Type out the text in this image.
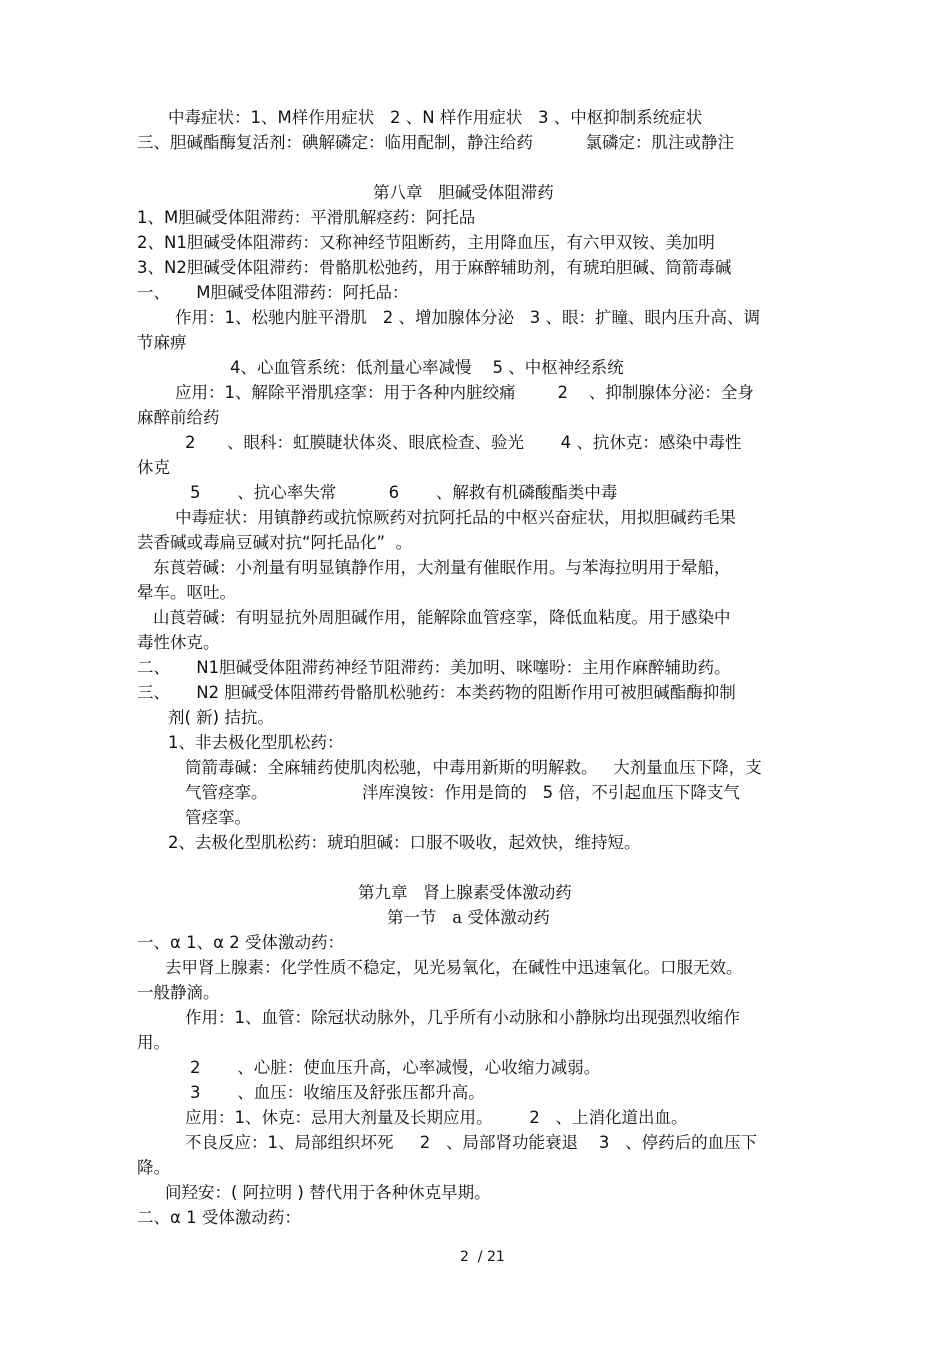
中毒症状：1、M样作用症状   2 、N 样作用症状   3 、中枢抑制系统症状
三、胆碱酯酶复活剂：碘解磷定：临用配制，静注给药          氯磷定：肌注或静注
第八章   胆碱受体阻滞药
1、M胆碱受体阻滞药：平滑肌解痉药：阿托品
2、N1胆碱受体阻滞药：又称神经节阻断药，主用降血压，有六甲双铵、美加明
3、N2胆碱受体阻滞药：骨骼肌松弛药，用于麻醉辅助剂，有琥珀胆碱、筒箭毒碱
一、     M胆碱受体阻滞药：阿托品：
作用：1、松驰内脏平滑肌   2 、增加腺体分泌   3 、眼：扩瞳、眼内压升高、调
节麻痹
4、心血管系统：低剂量心率减慢    5 、中枢神经系统
应用：1、解除平滑肌痉挛：用于各种内脏绞痛        2    、抑制腺体分泌：全身
麻醉前给药
2      、眼科：虹膜睫状体炎、眼底检查、验光       4 、抗休克：感染中毒性
休克
5       、抗心率失常          6       、解救有机磷酸酯类中毒
中毒症状：用镇静药或抗惊厥药对抗阿托品的中枢兴奋症状，用拟胆碱药毛果
芸香碱或毒扁豆碱对抗“阿托品化”  。
东莨菪碱：小剂量有明显镇静作用，大剂量有催眠作用。与苯海拉明用于晕船，
晕车。呕吐。
山莨菪碱：有明显抗外周胆碱作用，能解除血管痉挛，降低血粘度。用于感染中
毒性休克。
二、     N1胆碱受体阻滞药神经节阻滞药：美加明、咪噻吩：主用作麻醉辅助药。
三、     N2 胆碱受体阻滞药骨骼肌松驰药：本类药物的阻断作用可被胆碱酯酶抑制
剂( 新) 拮抗。
1、非去极化型肌松药：
筒箭毒碱：全麻辅药使肌肉松驰，中毒用新斯的明解救。   大剂量血压下降，支
气管痉挛。                  泮库溴铵：作用是筒的   5 倍，不引起血压下降支气
管痉挛。
2、去极化型肌松药：琥珀胆碱：口服不吸收，起效快，维持短。
第九章   肾上腺素受体激动药
第一节   a 受体激动药
一、α 1、α 2 受体激动药：
去甲肾上腺素：化学性质不稳定，见光易氧化，在碱性中迅速氧化。口服无效。
一般静滴。
作用：1、血管：除冠状动脉外，几乎所有小动脉和小静脉均出现强烈收缩作
用。
2       、心脏：使血压升高，心率减慢，心收缩力减弱。
3       、血压：收缩压及舒张压都升高。
应用：1、休克：忌用大剂量及长期应用。       2   、上消化道出血。
不良反应：1、局部组织坏死     2   、局部肾功能衰退    3   、停药后的血压下
降。
间羟安：( 阿拉明 ) 替代用于各种休克早期。
二、α 1 受体激动药：
2  / 21
